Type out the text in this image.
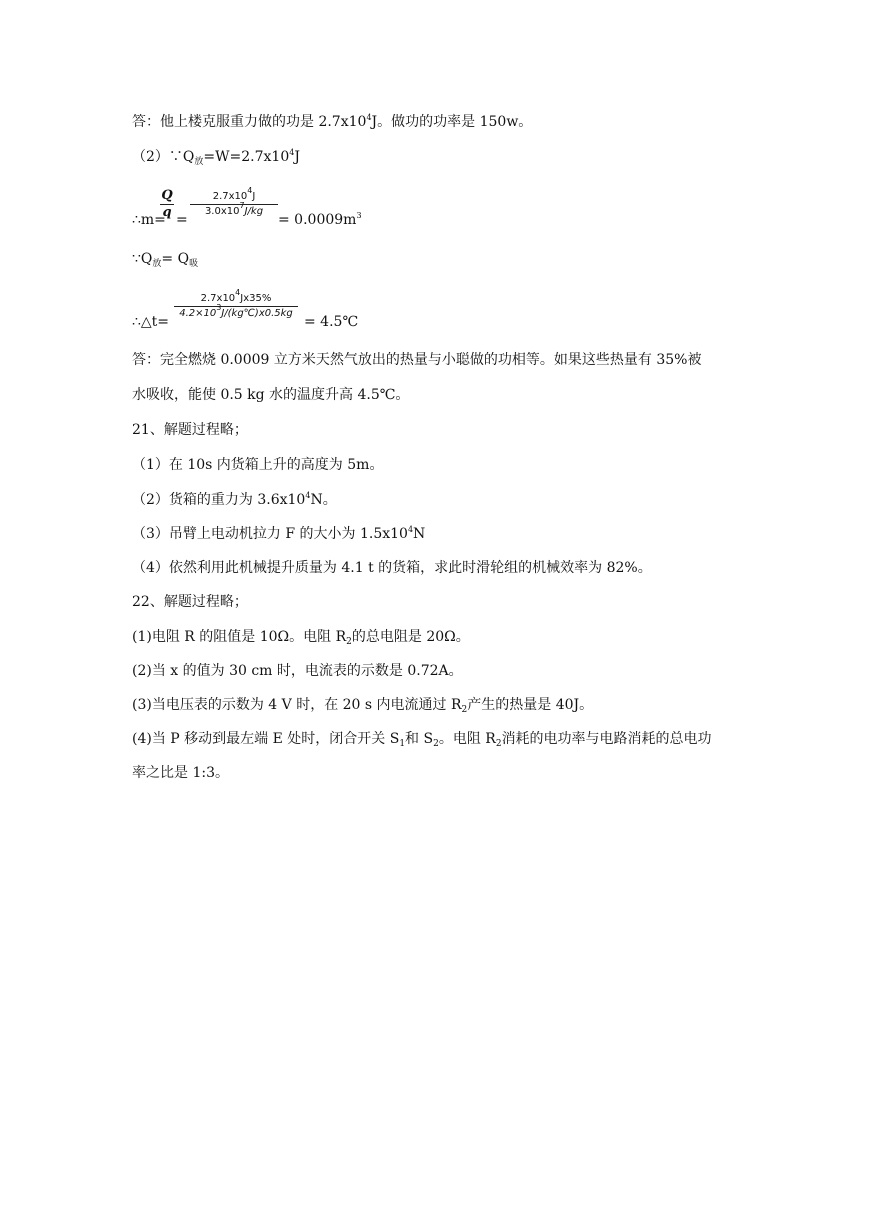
答：他上楼克服重力做的功是 $2.7x10^4J$。做功的功率是 150w。

$(2)\because Q_放=W=2.7x10^4J$

∴m=
Q
q =
$2.7x10^4J$
$3.0x10^7J/kg$
= $0.0009m^3$

$\because Q_放= Q_吸$

∴△t=
$2.7x10^4Jx35\%$
$4.2\times 10^3J/(kg℃)x0.5kg$
= 4.5℃

答：完全燃烧 0.0009 立方米天然气放出的热量与小聪做的功相等。如果这些热量有 35%被

水吸收，能使 0.5 kg 水的温度升高 4.5℃。

21、解题过程略；

（1）在 10s 内货箱上升的高度为 5m。

（2）货箱的重力为 $3.6x10^4N$。

（3）吊臂上电动机拉力 F 的大小为 $1.5x10^4N$

（4）依然利用此机械提升质量为 4.1 t 的货箱，求此时滑轮组的机械效率为 82%。

22、解题过程略；

(1)电阻 R 的阻值是 10Ω。电阻 $R_2$的总电阻是 20Ω。

(2)当 x 的值为 30 cm 时，电流表的示数是 0.72A。

(3)当电压表的示数为 4 V 时，在 20 s 内电流通过 $R_2$产生的热量是 40J。

(4)当 P 移动到最左端 E 处时，闭合开关 $S_1$和 $S_2$。电阻 $R_2$消耗的电功率与电路消耗的总电功

率之比是 1:3。
